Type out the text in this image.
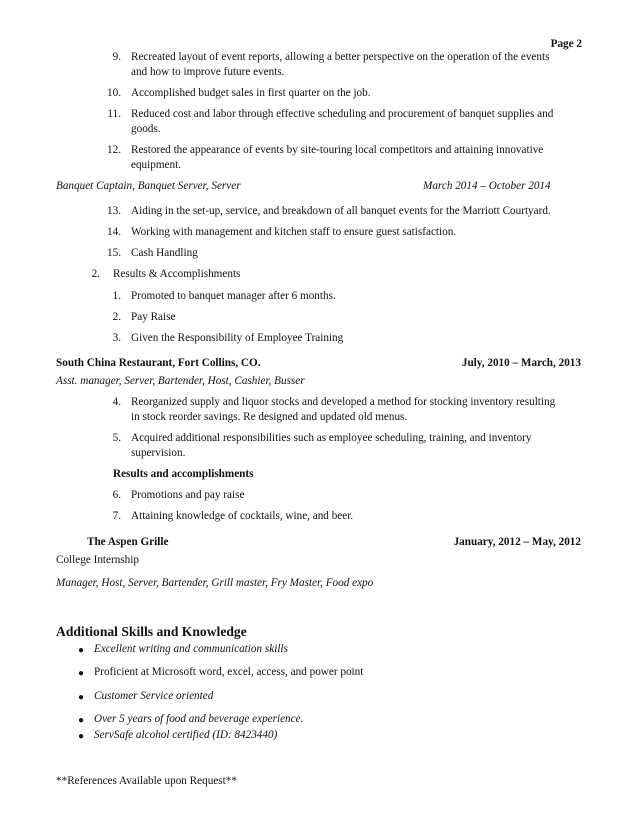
Page 2
9. Recreated layout of event reports, allowing a better perspective on the operation of the events
and how to improve future events.
10. Accomplished budget sales in first quarter on the job.
11. Reduced cost and labor through effective scheduling and procurement of banquet supplies and
goods.
12. Restored the appearance of events by site-touring local competitors and attaining innovative
equipment.
Banquet Captain, Banquet Server, Server	March 2014 – October 2014
13. Aiding in the set-up, service, and breakdown of all banquet events for the Marriott Courtyard.
14. Working with management and kitchen staff to ensure guest satisfaction.
15. Cash Handling
2. Results & Accomplishments
1. Promoted to banquet manager after 6 months.
2. Pay Raise
3. Given the Responsibility of Employee Training
South China Restaurant, Fort Collins, CO.	July, 2010 – March, 2013
Asst. manager, Server, Bartender, Host, Cashier, Busser
4. Reorganized supply and liquor stocks and developed a method for stocking inventory resulting
in stock reorder savings. Re designed and updated old menus.
5. Acquired additional responsibilities such as employee scheduling, training, and inventory
supervision.
Results and accomplishments
6. Promotions and pay raise
7. Attaining knowledge of cocktails, wine, and beer.
The Aspen Grille	January, 2012 – May, 2012
College Internship
Manager, Host, Server, Bartender, Grill master, Fry Master, Food expo
Additional Skills and Knowledge
● Excellent writing and communication skills
● Proficient at Microsoft word, excel, access, and power point
● Customer Service oriented
● Over 5 years of food and beverage experience.
● ServSafe alcohol certified (ID: 8423440)
**References Available upon Request**
